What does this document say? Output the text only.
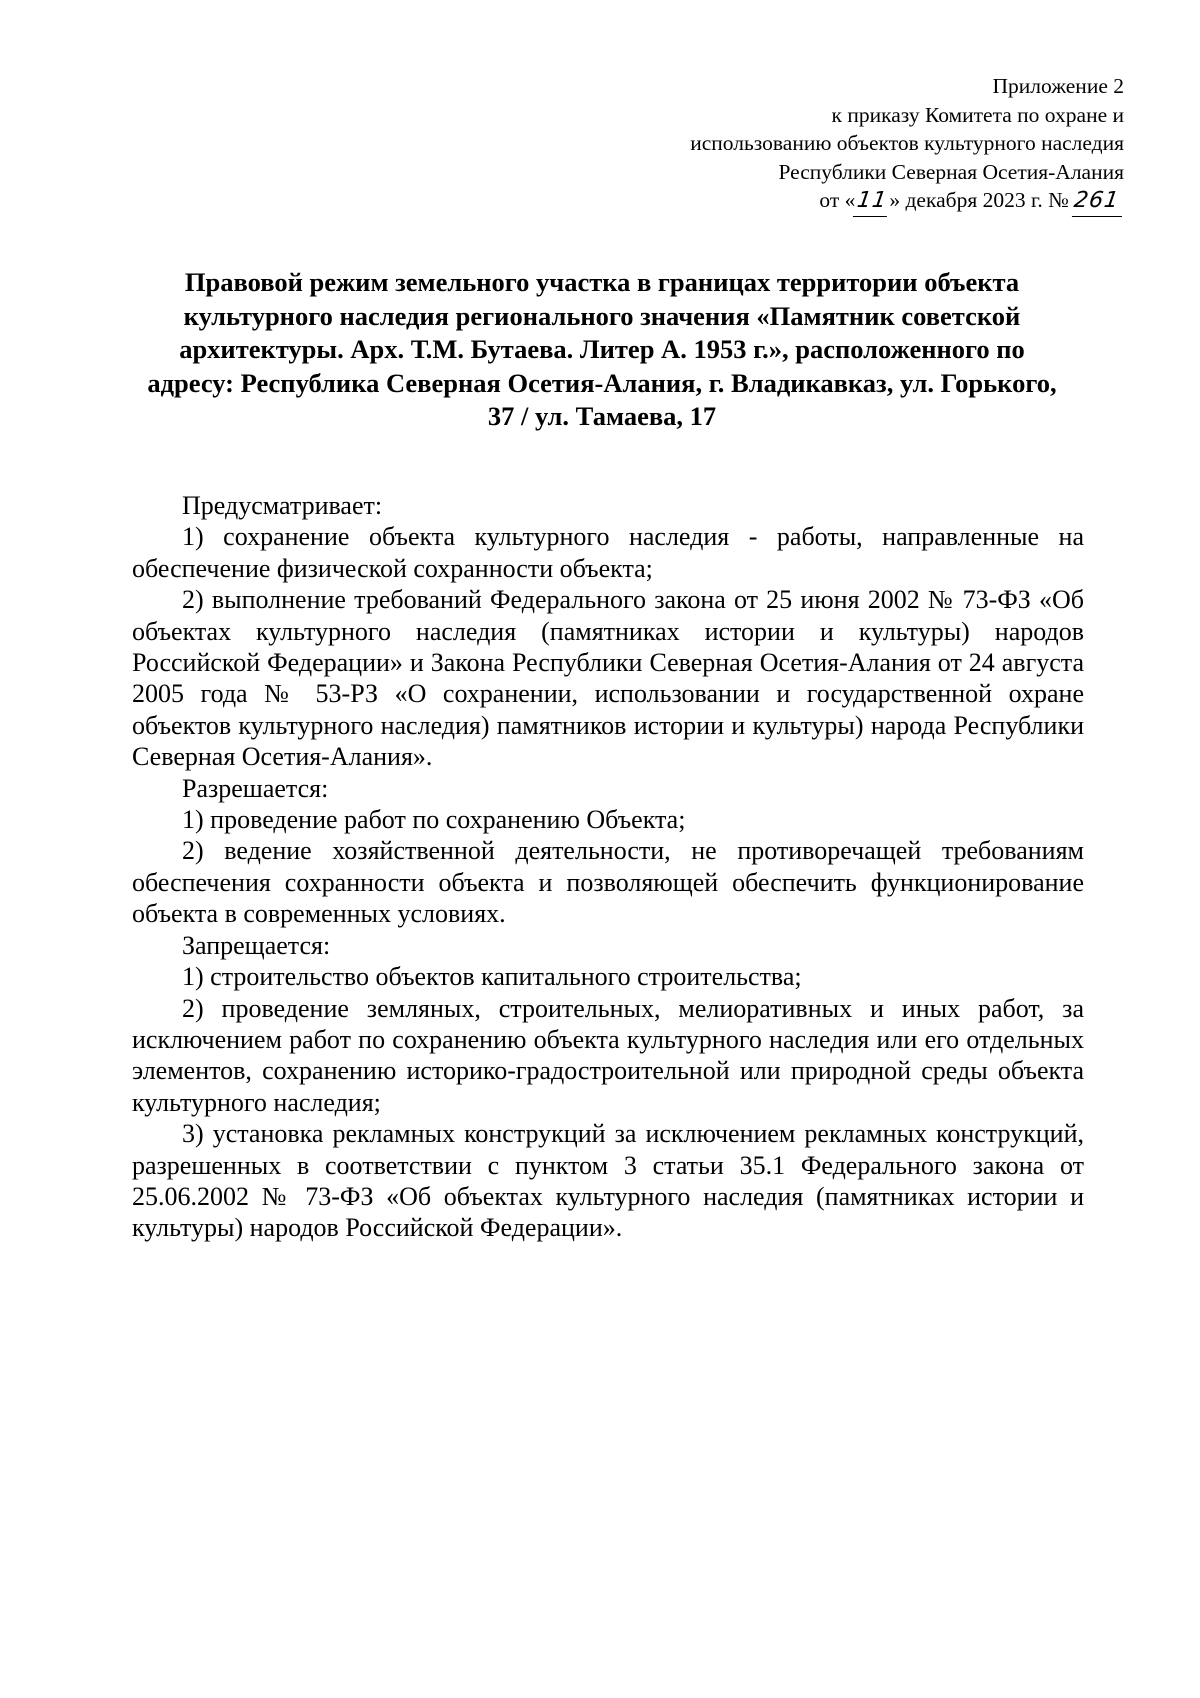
Приложение 2
к приказу Комитета по охране и
использованию объектов культурного наследия
Республики Северная Осетия-Алания
от «11» декабря 2023 г. № 261
Правовой режим земельного участка в границах территории объекта
культурного наследия регионального значения «Памятник советской
архитектуры. Арх. Т.М. Бутаева. Литер А. 1953 г.», расположенного по
адресу: Республика Северная Осетия-Алания, г. Владикавказ, ул. Горького,
37 / ул. Тамаева, 17

Предусматривает:

1) сохранение объекта культурного наследия - работы, направленные на обеспечение физической сохранности объекта;

2) выполнение требований Федерального закона от 25 июня 2002 № 73-ФЗ «Об объектах культурного наследия (памятниках истории и культуры) народов Российской Федерации» и Закона Республики Северная Осетия-Алания от 24 августа 2005 года № 53-РЗ «О сохранении, использовании и государственной охране объектов культурного наследия) памятников истории и культуры) народа Республики Северная Осетия-Алания».

Разрешается:

1) проведение работ по сохранению Объекта;

2) ведение хозяйственной деятельности, не противоречащей требованиям обеспечения сохранности объекта и позволяющей обеспечить функционирование объекта в современных условиях.

Запрещается:

1) строительство объектов капитального строительства;

2) проведение земляных, строительных, мелиоративных и иных работ, за исключением работ по сохранению объекта культурного наследия или его отдельных элементов, сохранению историко-градостроительной или природной среды объекта культурного наследия;

3) установка рекламных конструкций за исключением рекламных конструкций, разрешенных в соответствии с пунктом 3 статьи 35.1 Федерального закона от 25.06.2002 № 73-ФЗ «Об объектах культурного наследия (памятниках истории и культуры) народов Российской Федерации».
